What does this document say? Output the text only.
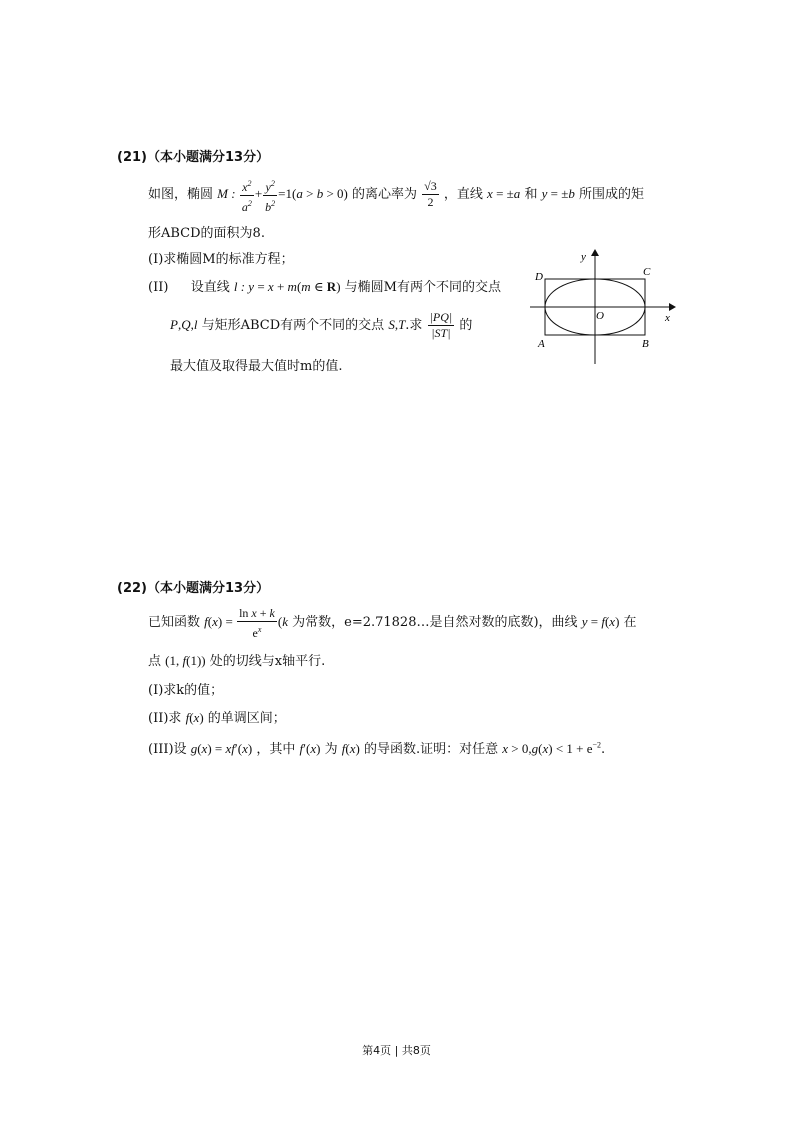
(21)（本小题满分13分）
如图，椭圆 M : $\frac{x^2}{a^2} + \frac{y^2}{b^2} =1(a > b > 0)$ 的离心率为 $\frac{√3}{2}$ ，直线 x = ±a 和 y = ±b 所围成的矩
形ABCD的面积为8.
(I)求椭圆M的标准方程；
(II) 设直线 l : y = x + m(m ∈ R) 与椭圆M有两个不同的交点
P,Q,l 与矩形ABCD有两个不同的交点 S,T.求 $\frac{|PQ|}{|ST|}$ 的
最大值及取得最大值时m的值.
y
x
O
A	B
C
D
(22)（本小题满分13分）
已知函数 $f(x) = \frac{\text{ln x + k}}{e^x} (k$ 为常数，e=2.71828…是自然对数的底数)，曲线 y = f(x) 在
点 (1, f(1)) 处的切线与x轴平行.
(I)求k的值；
(II)求 f(x) 的单调区间；
(III)设 g(x) = xf′(x) ，其中 f′(x) 为 f(x) 的导函数.证明：对任意 $x > 0,g(x) < 1 + e^{-2}$.
第4页 | 共8页
